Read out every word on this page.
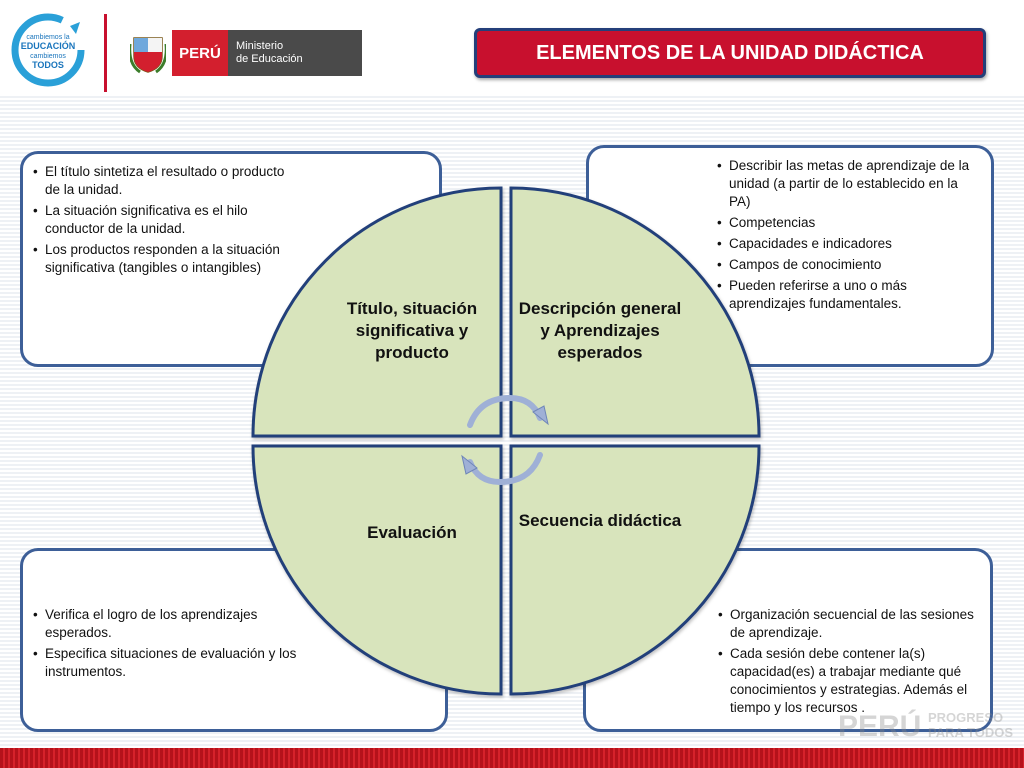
cambiemos la
EDUCACIÓN
cambiemos
TODOS
PERÚ	Ministerio
de Educación	ELEMENTOS DE LA UNIDAD DIDÁCTICA
• El título sintetiza el resultado o producto de la unidad.
• La situación significativa es el hilo conductor de la unidad.
• Los productos responden a la situación significativa (tangibles o intangibles)
• Describir las metas de aprendizaje de la unidad (a partir de lo establecido en la PA)
• Competencias
• Capacidades e indicadores
• Campos de conocimiento
• Pueden referirse a uno o más aprendizajes fundamentales.
• Verifica el logro de los aprendizajes esperados.
• Especifica situaciones de evaluación y los instrumentos.
• Organización secuencial de las sesiones de aprendizaje.
• Cada sesión debe contener la(s) capacidad(es) a trabajar mediante qué conocimientos y estrategias. Además el tiempo y los recursos .
Título, situación significativa y producto
Descripción general y Aprendizajes esperados
Evaluación
Secuencia didáctica
PERÚ PROGRESO
PARA TODOS
